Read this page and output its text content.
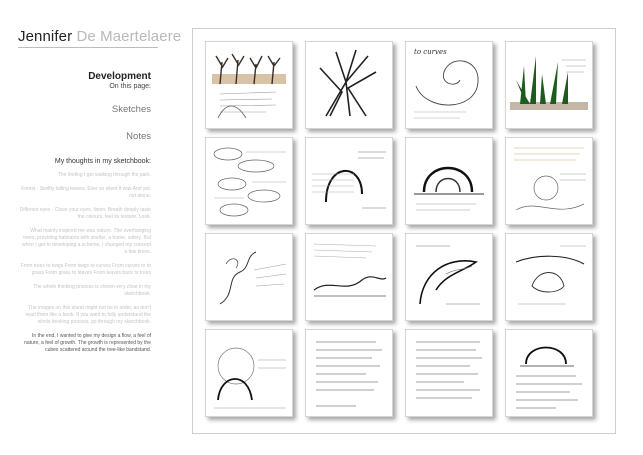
Jennifer De Maertelaere
Development
On this page:
Sketches
Notes
My thoughts in my sketchbook:
The feeling I get walking through the park,
Forest - Swiftly falling leaves, Ever so silent it was And yet, not alone.
Different eyes - Close your eyes, listen. Breath deeply taste the colours, feel its texture. Look.
What mainly inspired me was nature. The overhanging trees, providing habitants with shelter, a home, safety. But when I got to developing a scheme, I changed my concept a few times.
From trees to twigs From twigs to curves From curves to to grass From grass to leaves From leaves back to trees
The whole thinking process is shown very clear in my sketchbook.
The images on this sheet might not be in order, as don't read them like a book. If you want to fully understand the whole thinking process, go through my sketchbook.
In the end, I wanted to give my design a flow, a feel of nature, a feel of growth. The growth is represented by the cubes scattered around the tree-like bandstand.
to curves
